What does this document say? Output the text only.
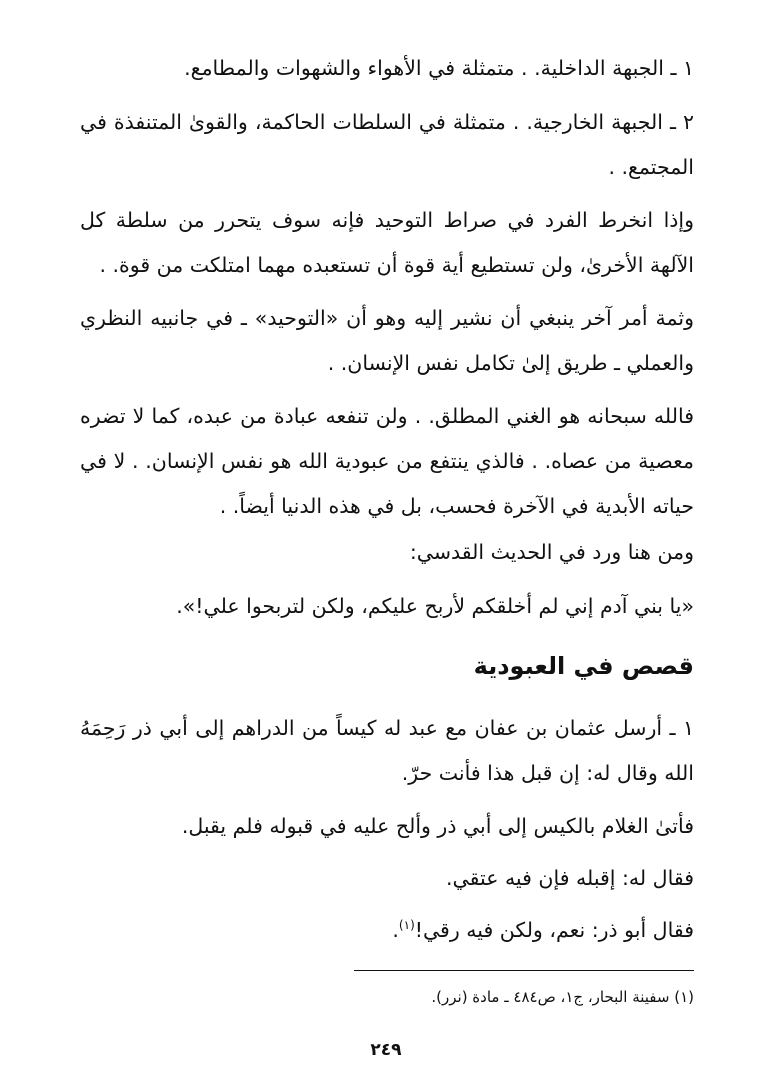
١ ـ الجبهة الداخلية. . متمثلة في الأهواء والشهوات والمطامع.

٢ ـ الجبهة الخارجية. . متمثلة في السلطات الحاكمة، والقوىٰ المتنفذة في المجتمع. .

وإذا انخرط الفرد في صراط التوحيد فإنه سوف يتحرر من سلطة كل الآلهة الأخرىٰ، ولن تستطيع أية قوة أن تستعبده مهما امتلكت من قوة. .

وثمة أمر آخر ينبغي أن نشير إليه وهو أن «التوحيد» ـ في جانبيه النظري والعملي ـ طريق إلىٰ تكامل نفس الإنسان. .

فالله سبحانه هو الغني المطلق. . ولن تنفعه عبادة من عبده، كما لا تضره معصية من عصاه. . فالذي ينتفع من عبودية الله هو نفس الإنسان. . لا في حياته الأبدية في الآخرة فحسب، بل في هذه الدنيا أيضاً. .

ومن هنا ورد في الحديث القدسي:

«يا بني آدم إني لم أخلقكم لأربح عليكم، ولكن لتربحوا علي!».

قصص في العبودية

١ ـ أرسل عثمان بن عفان مع عبد له كيساً من الدراهم إلى أبي ذر رَحِمَهُ الله وقال له: إن قبل هذا فأنت حرّ.

فأتىٰ الغلام بالكيس إلى أبي ذر وألح عليه في قبوله فلم يقبل.

فقال له: إقبله فإن فيه عتقي.

فقال أبو ذر: نعم، ولكن فيه رقي!$^{(١)}$.

(١) سفينة البحار، ج١، ص٤٨٤ ـ مادة (نرر).

٢٤٩
